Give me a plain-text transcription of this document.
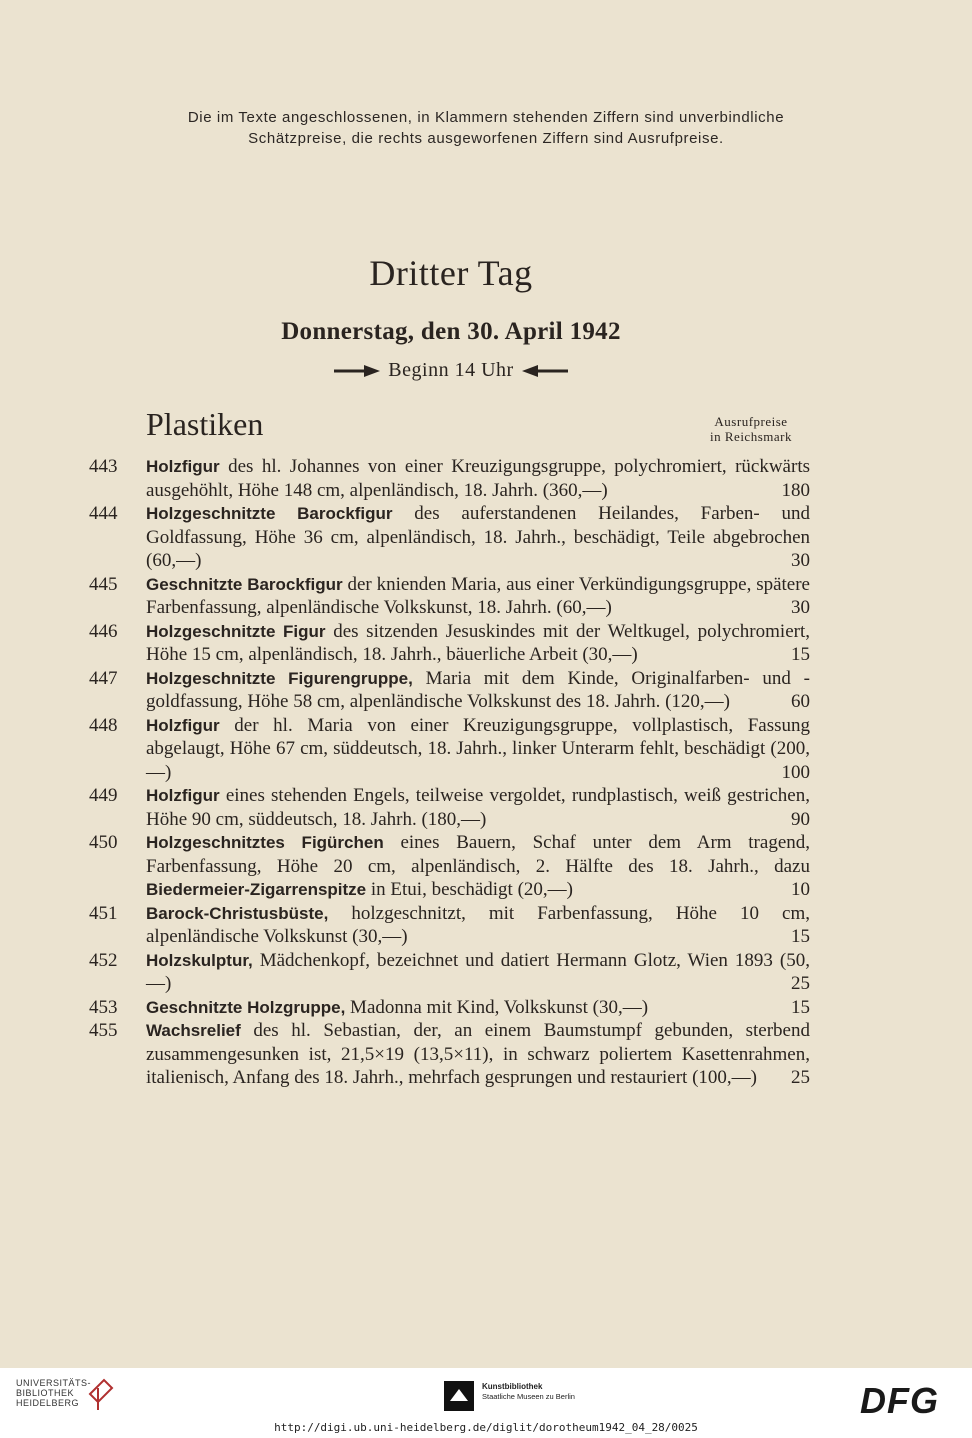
Die im Texte angeschlossenen, in Klammern stehenden Ziffern sind unverbindliche
Schätzpreise, die rechts ausgeworfenen Ziffern sind Ausrufpreise.
Dritter Tag
Donnerstag, den 30. April 1942
Beginn 14 Uhr
Plastiken	Ausrufpreise
in Reichsmark
443 Holzfigur des hl. Johannes von einer Kreuzigungsgruppe, polychromiert, rückwärts ausgehöhlt, Höhe 148 cm, alpenländisch, 18. Jahrh. (360,—)	180
444 Holzgeschnitzte Barockfigur des auferstandenen Heilandes, Farben- und Goldfassung, Höhe 36 cm, alpenländisch, 18. Jahrh., beschädigt, Teile abgebrochen (60,—)	30
445 Geschnitzte Barockfigur der knienden Maria, aus einer Verkündigungsgruppe, spätere Farbenfassung, alpenländische Volkskunst, 18. Jahrh. (60,—)	30
446 Holzgeschnitzte Figur des sitzenden Jesuskindes mit der Weltkugel, polychromiert, Höhe 15 cm, alpenländisch, 18. Jahrh., bäuerliche Arbeit (30,—)	15
447 Holzgeschnitzte Figurengruppe, Maria mit dem Kinde, Originalfarben- und -goldfassung, Höhe 58 cm, alpenländische Volkskunst des 18. Jahrh. (120,—)	60
448 Holzfigur der hl. Maria von einer Kreuzigungsgruppe, vollplastisch, Fassung abgelaugt, Höhe 67 cm, süddeutsch, 18. Jahrh., linker Unterarm fehlt, beschädigt (200,—)	100
449 Holzfigur eines stehenden Engels, teilweise vergoldet, rundplastisch, weiß gestrichen, Höhe 90 cm, süddeutsch, 18. Jahrh. (180,—)	90
450 Holzgeschnitztes Figürchen eines Bauern, Schaf unter dem Arm tragend, Farbenfassung, Höhe 20 cm, alpenländisch, 2. Hälfte des 18. Jahrh., dazu Biedermeier-Zigarrenspitze in Etui, beschädigt (20,—)	10
451 Barock-Christusbüste, holzgeschnitzt, mit Farbenfassung, Höhe 10 cm, alpenländische Volkskunst (30,—)	15
452 Holzskulptur, Mädchenkopf, bezeichnet und datiert Hermann Glotz, Wien 1893 (50,—)	25
453 Geschnitzte Holzgruppe, Madonna mit Kind, Volkskunst (30,—)	15
455 Wachsrelief des hl. Sebastian, der, an einem Baumstumpf gebunden, sterbend zusammengesunken ist, 21,5×19 (13,5×11), in schwarz poliertem Kasettenrahmen, italienisch, Anfang des 18. Jahrh., mehrfach gesprungen und restauriert (100,—) 25
UNIVERSITÄTS-
BIBLIOTHEK
HEIDELBERG
Kunstbibliothek
Staatliche Museen zu Berlin	DFG
http://digi.ub.uni-heidelberg.de/diglit/dorotheum1942_04_28/0025
